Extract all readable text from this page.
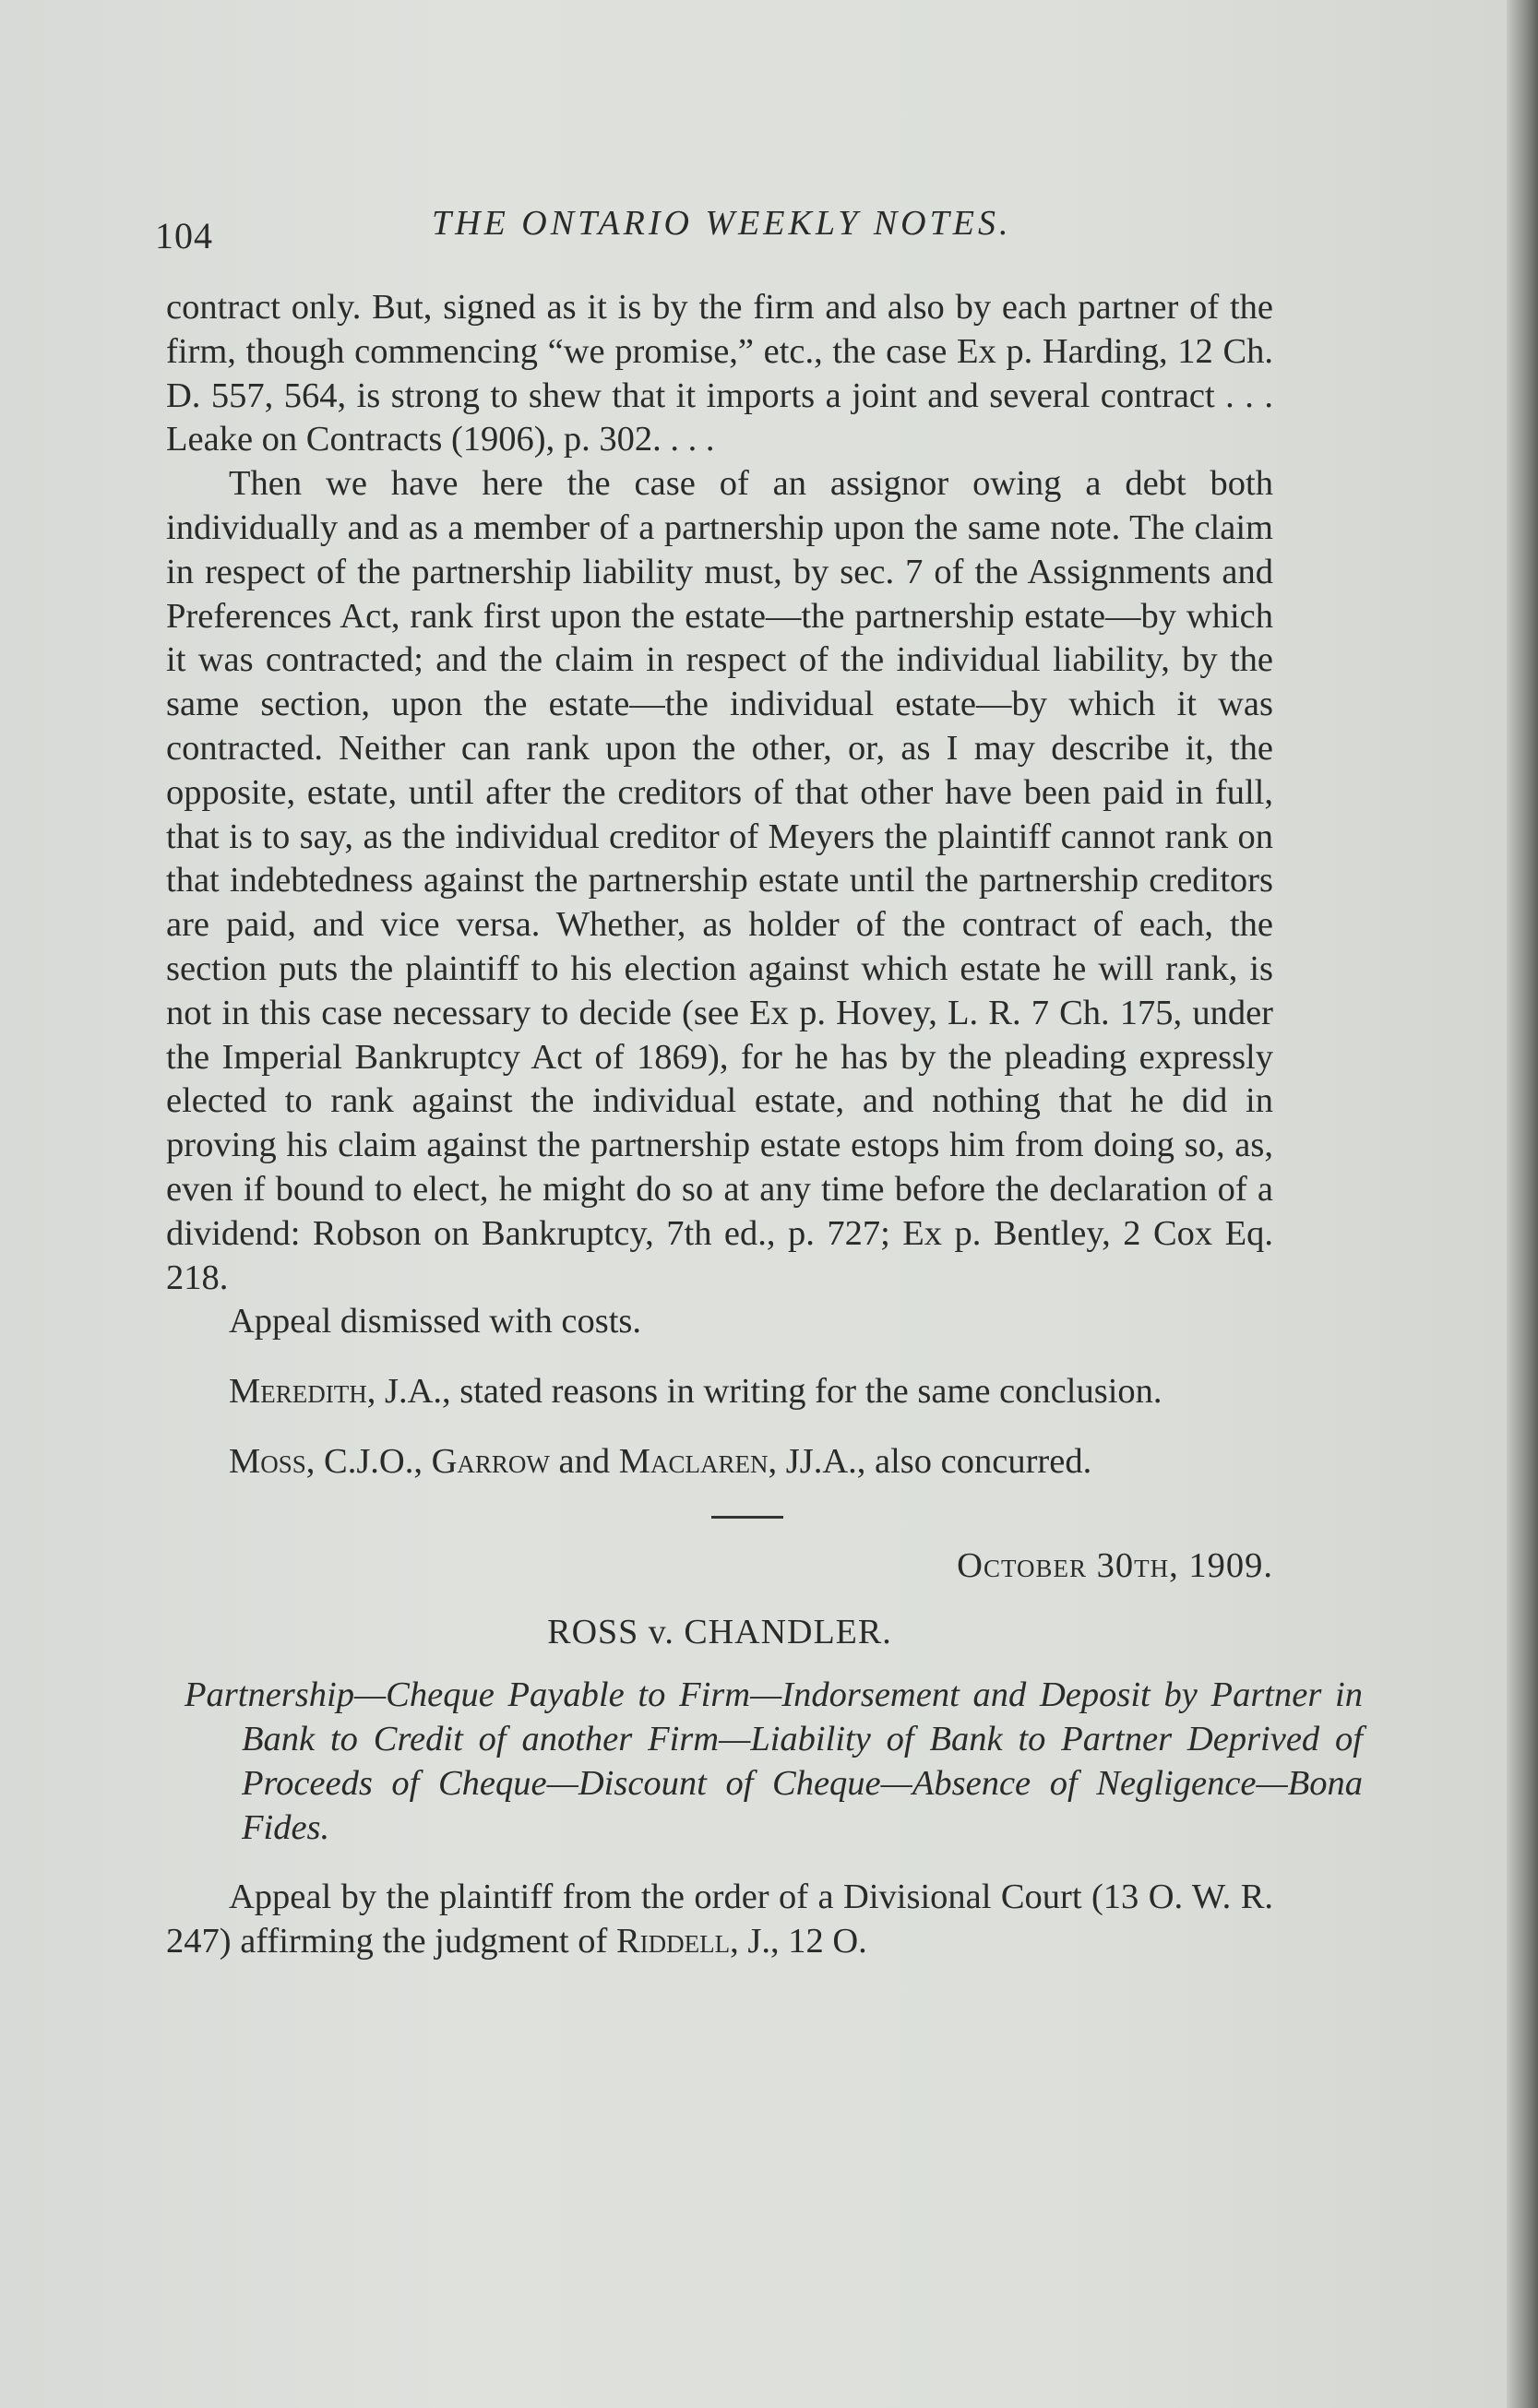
104	THE ONTARIO WEEKLY NOTES.

contract only. But, signed as it is by the firm and also by each partner of the firm, though commencing “we promise,” etc., the case Ex p. Harding, 12 Ch. D. 557, 564, is strong to shew that it imports a joint and several contract . . . Leake on Contracts (1906), p. 302. . . .

Then we have here the case of an assignor owing a debt both individually and as a member of a partnership upon the same note. The claim in respect of the partnership liability must, by sec. 7 of the Assignments and Preferences Act, rank first upon the estate—the partnership estate—by which it was contracted; and the claim in respect of the individual liability, by the same section, upon the estate—the individual estate—by which it was contracted. Neither can rank upon the other, or, as I may describe it, the opposite, estate, until after the creditors of that other have been paid in full, that is to say, as the individual creditor of Meyers the plaintiff cannot rank on that indebtedness against the partnership estate until the partnership creditors are paid, and vice versa. Whether, as holder of the contract of each, the section puts the plaintiff to his election against which estate he will rank, is not in this case necessary to decide (see Ex p. Hovey, L. R. 7 Ch. 175, under the Imperial Bankruptcy Act of 1869), for he has by the pleading expressly elected to rank against the individual estate, and nothing that he did in proving his claim against the partnership estate estops him from doing so, as, even if bound to elect, he might do so at any time before the declaration of a dividend: Robson on Bankruptcy, 7th ed., p. 727; Ex p. Bentley, 2 Cox Eq. 218.

Appeal dismissed with costs.

Meredith, J.A., stated reasons in writing for the same conclusion.

Moss, C.J.O., Garrow and Maclaren, JJ.A., also concurred.

October 30th, 1909.

ROSS v. CHANDLER.

Partnership—Cheque Payable to Firm—Indorsement and Deposit by Partner in Bank to Credit of another Firm—Liability of Bank to Partner Deprived of Proceeds of Cheque—Discount of Cheque—Absence of Negligence—Bona Fides.

Appeal by the plaintiff from the order of a Divisional Court (13 O. W. R. 247) affirming the judgment of Riddell, J., 12 O.
